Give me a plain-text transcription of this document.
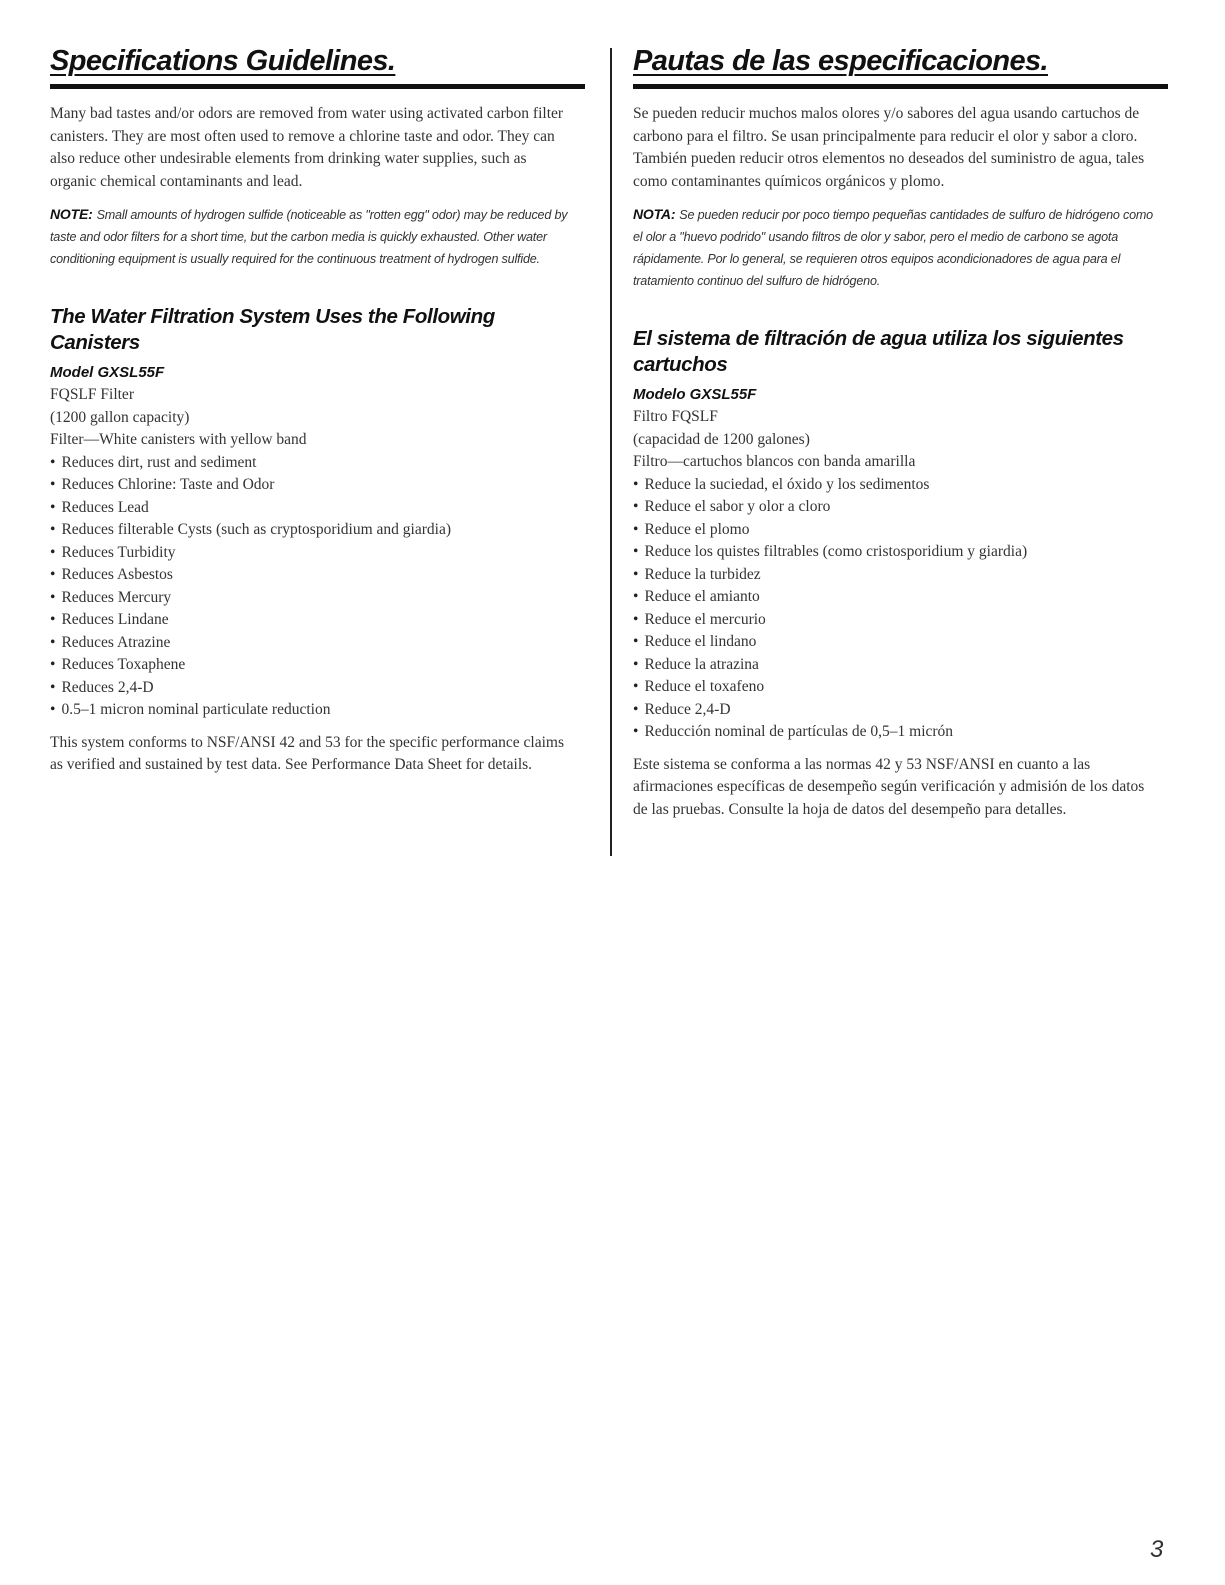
Specifications Guidelines.

Many bad tastes and/or odors are removed from water using activated carbon filter canisters. They are most often used to remove a chlorine taste and odor. They can also reduce other undesirable elements from drinking water supplies, such as organic chemical contaminants and lead.

NOTE: Small amounts of hydrogen sulfide (noticeable as "rotten egg" odor) may be reduced by taste and odor filters for a short time, but the carbon media is quickly exhausted. Other water conditioning equipment is usually required for the continuous treatment of hydrogen sulfide.

The Water Filtration System Uses the Following Canisters

Model GXSL55F

FQSLF Filter

(1200 gallon capacity)

Filter—White canisters with yellow band

• Reduces dirt, rust and sediment
• Reduces Chlorine: Taste and Odor
• Reduces Lead
• Reduces filterable Cysts (such as cryptosporidium and giardia)
• Reduces Turbidity
• Reduces Asbestos
• Reduces Mercury
• Reduces Lindane
• Reduces Atrazine
• Reduces Toxaphene
• Reduces 2,4-D
• 0.5–1 micron nominal particulate reduction

This system conforms to NSF/ANSI 42 and 53 for the specific performance claims as verified and sustained by test data. See Performance Data Sheet for details.

Pautas de las especificaciones.

Se pueden reducir muchos malos olores y/o sabores del agua usando cartuchos de carbono para el filtro. Se usan principalmente para reducir el olor y sabor a cloro. También pueden reducir otros elementos no deseados del suministro de agua, tales como contaminantes químicos orgánicos y plomo.

NOTA: Se pueden reducir por poco tiempo pequeñas cantidades de sulfuro de hidrógeno como el olor a "huevo podrido" usando filtros de olor y sabor, pero el medio de carbono se agota rápidamente. Por lo general, se requieren otros equipos acondicionadores de agua para el tratamiento continuo del sulfuro de hidrógeno.

El sistema de filtración de agua utiliza los siguientes cartuchos

Modelo GXSL55F

Filtro FQSLF

(capacidad de 1200 galones)

Filtro—cartuchos blancos con banda amarilla

• Reduce la suciedad, el óxido y los sedimentos
• Reduce el sabor y olor a cloro
• Reduce el plomo
• Reduce los quistes filtrables (como cristosporidium y giardia)
• Reduce la turbidez
• Reduce el amianto
• Reduce el mercurio
• Reduce el lindano
• Reduce la atrazina
• Reduce el toxafeno
• Reduce 2,4-D
• Reducción nominal de partículas de 0,5–1 micrón

Este sistema se conforma a las normas 42 y 53 NSF/ANSI en cuanto a las afirmaciones específicas de desempeño según verificación y admisión de los datos de las pruebas. Consulte la hoja de datos del desempeño para detalles.

3
